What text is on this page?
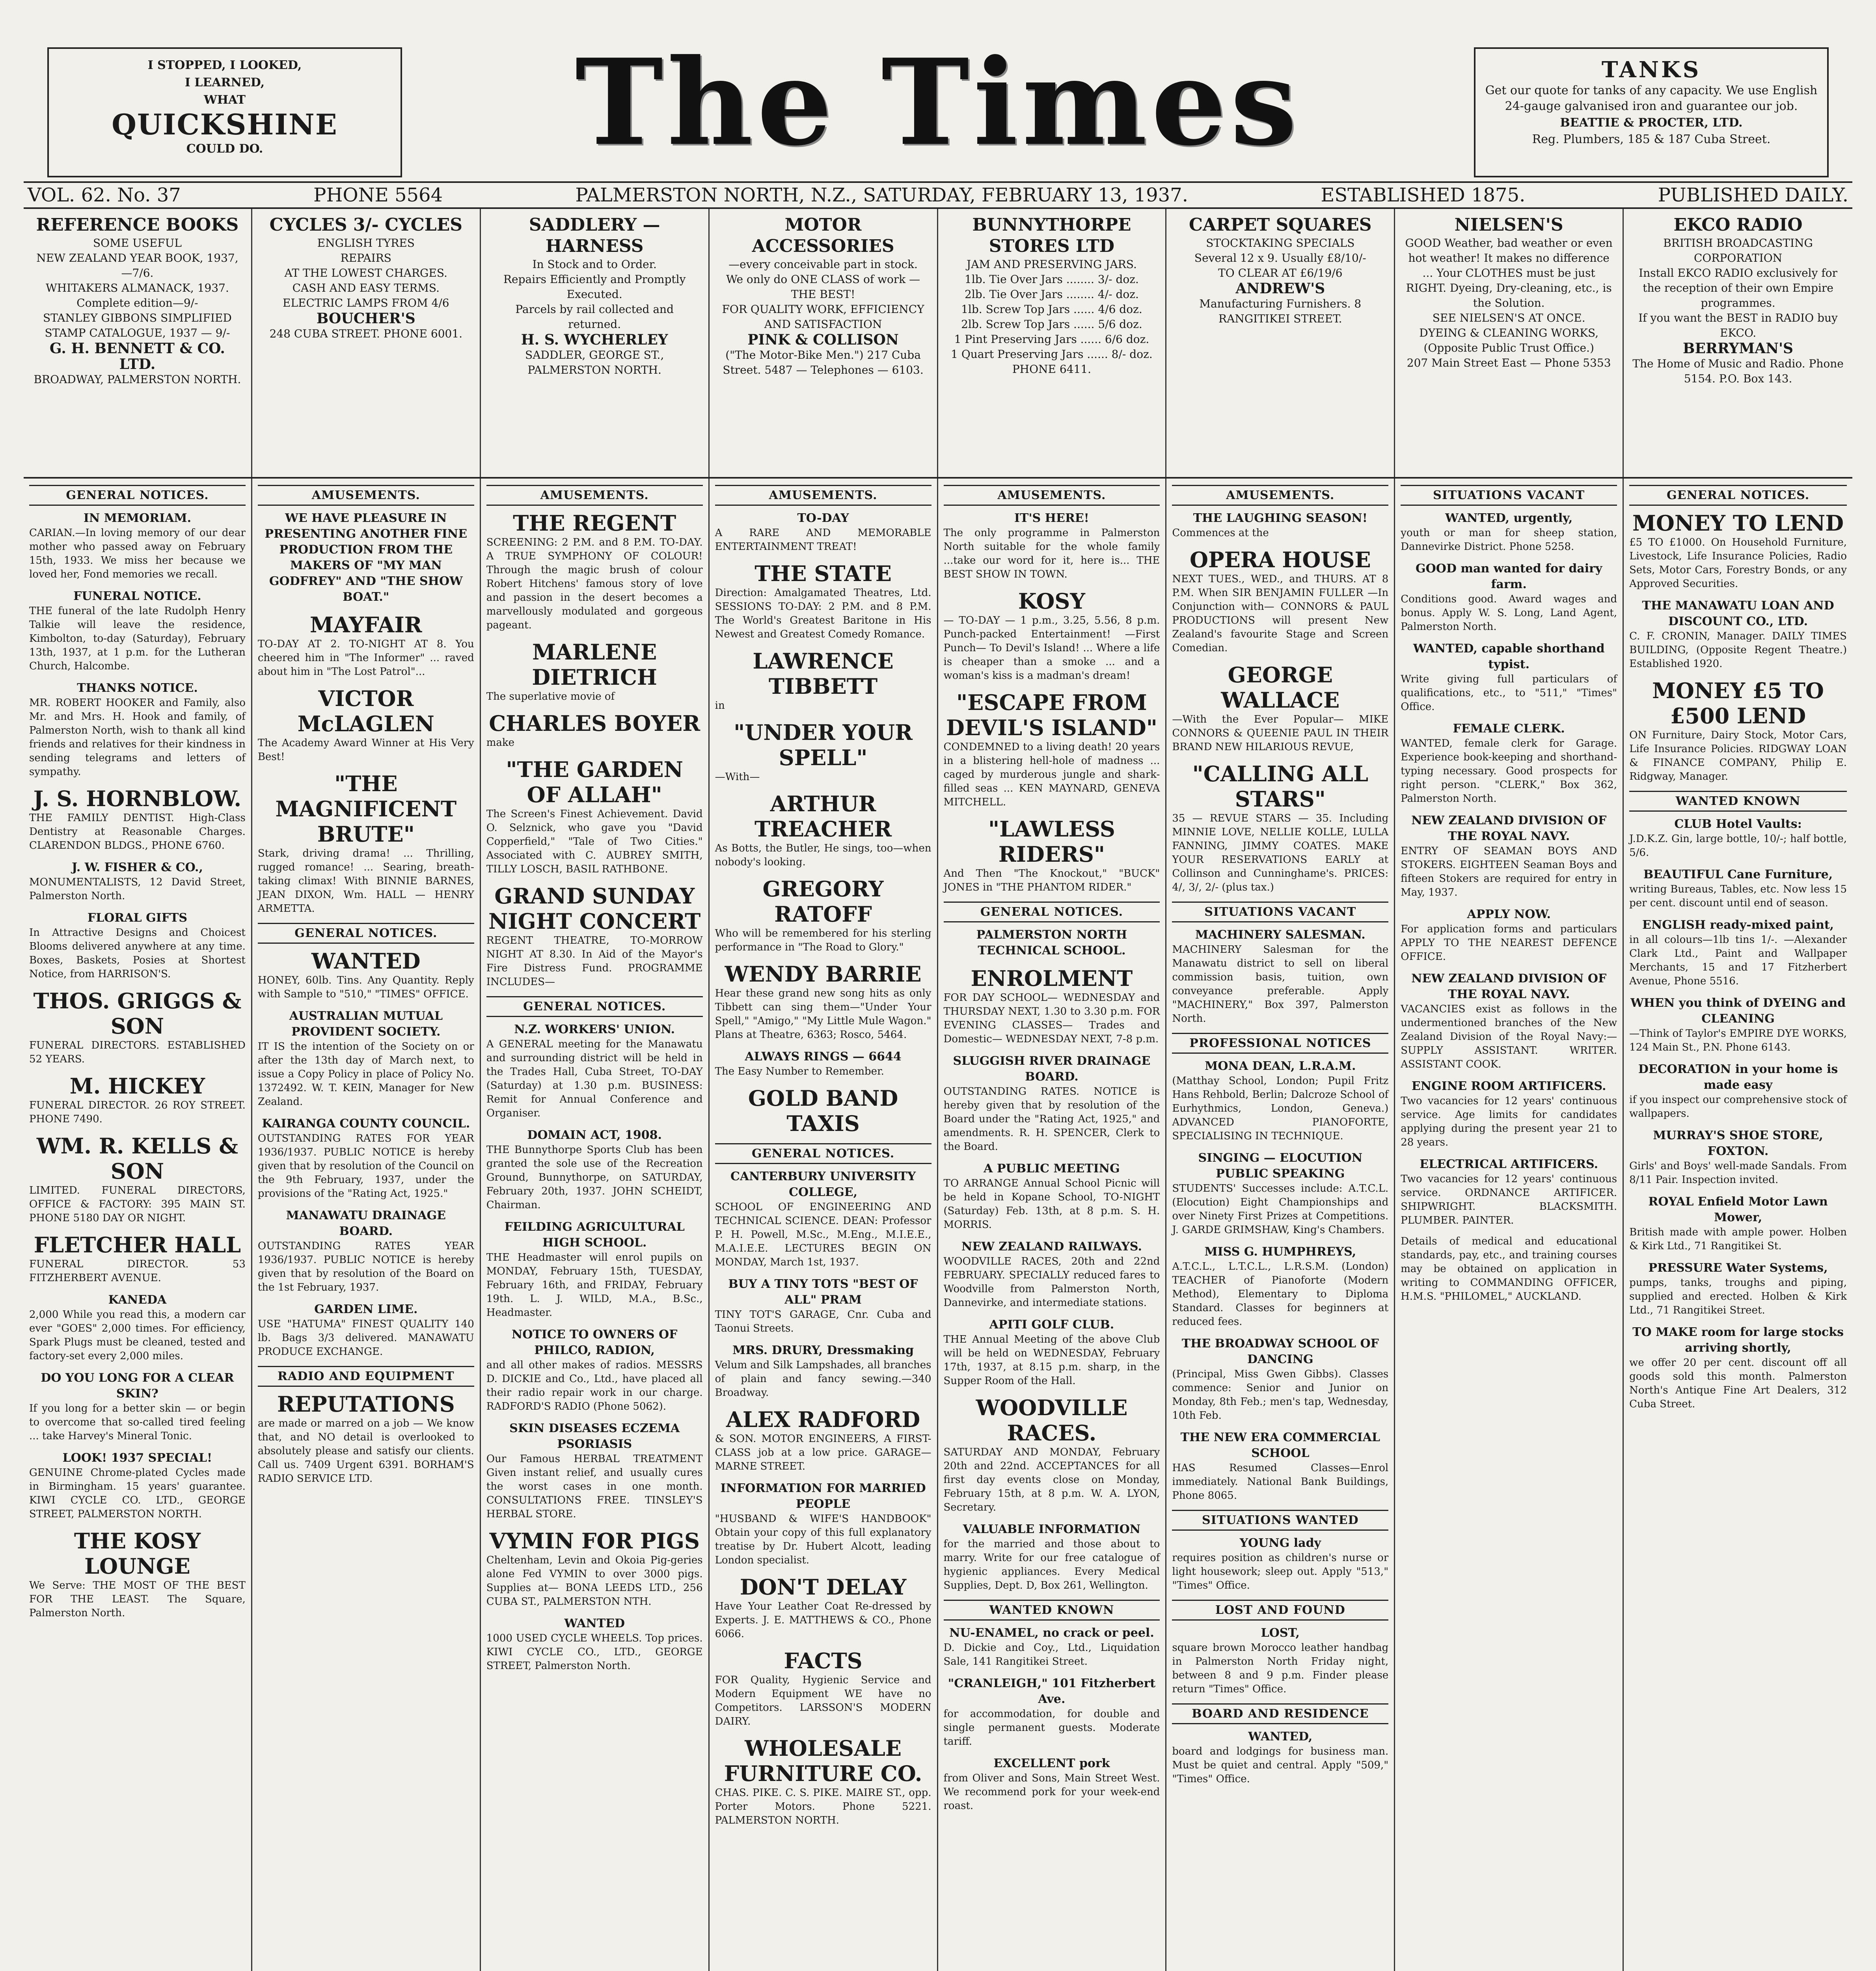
I STOPPED, I LOOKED,
I LEARNED,
WHAT
QUICKSHINE
COULD DO.	The Times	TANKS
Get our quote for tanks of any capacity. We use English 24-gauge galvanised iron and guarantee our job.
BEATTIE & PROCTER, LTD.
Reg. Plumbers, 185 & 187 Cuba Street.
VOL. 62. No. 37	PHONE 5564	PALMERSTON NORTH, N.Z., SATURDAY, FEBRUARY 13, 1937.	ESTABLISHED 1875.	PUBLISHED DAILY.
REFERENCE BOOKS
SOME USEFUL
NEW ZEALAND YEAR BOOK, 1937, —7/6.
WHITAKERS ALMANACK, 1937. Complete edition—9/-
STANLEY GIBBONS SIMPLIFIED STAMP CATALOGUE, 1937 — 9/-
G. H. BENNETT & CO. LTD.
BROADWAY, PALMERSTON NORTH.
CYCLES 3/- CYCLES
ENGLISH TYRES
REPAIRS
AT THE LOWEST CHARGES.
CASH AND EASY TERMS.
ELECTRIC LAMPS FROM 4/6
BOUCHER'S
248 CUBA STREET. PHONE 6001.
SADDLERY — HARNESS
In Stock and to Order.
Repairs Efficiently and Promptly Executed.
Parcels by rail collected and returned.
H. S. WYCHERLEY
SADDLER, GEORGE ST., PALMERSTON NORTH.
MOTOR ACCESSORIES
—every conceivable part in stock.
We only do ONE CLASS of work — THE BEST!
FOR QUALITY WORK, EFFICIENCY AND SATISFACTION
PINK & COLLISON
("The Motor-Bike Men.") 217 Cuba Street. 5487 — Telephones — 6103.
BUNNYTHORPE STORES LTD
JAM AND PRESERVING JARS.
1lb. Tie Over Jars ........ 3/- doz.
2lb. Tie Over Jars ........ 4/- doz.
1lb. Screw Top Jars ...... 4/6 doz.
2lb. Screw Top Jars ...... 5/6 doz.
1 Pint Preserving Jars ...... 6/6 doz.
1 Quart Preserving Jars ...... 8/- doz.
PHONE 6411.
CARPET SQUARES
STOCKTAKING SPECIALS
Several 12 x 9. Usually £8/10/-
TO CLEAR AT £6/19/6
ANDREW'S
Manufacturing Furnishers. 8 RANGITIKEI STREET.
NIELSEN'S
GOOD Weather, bad weather or even hot weather! It makes no difference ... Your CLOTHES must be just RIGHT. Dyeing, Dry-cleaning, etc., is the Solution.
SEE NIELSEN'S AT ONCE.
DYEING & CLEANING WORKS,
(Opposite Public Trust Office.)
207 Main Street East — Phone 5353
EKCO RADIO
BRITISH BROADCASTING CORPORATION
Install EKCO RADIO exclusively for the reception of their own Empire programmes.
If you want the BEST in RADIO buy EKCO.
BERRYMAN'S
The Home of Music and Radio. Phone 5154. P.O. Box 143.
GENERAL NOTICES.
IN MEMORIAM.

CARIAN.—In loving memory of our dear mother who passed away on February 15th, 1933. We miss her because we loved her, Fond memories we recall.

FUNERAL NOTICE.

THE funeral of the late Rudolph Henry Talkie will leave the residence, Kimbolton, to-day (Saturday), February 13th, 1937, at 1 p.m. for the Lutheran Church, Halcombe.

THANKS NOTICE.

MR. ROBERT HOOKER and Family, also Mr. and Mrs. H. Hook and family, of Palmerston North, wish to thank all kind friends and relatives for their kindness in sending telegrams and letters of sympathy.

J. S. HORNBLOW.

THE FAMILY DENTIST. High-Class Dentistry at Reasonable Charges. CLARENDON BLDGS., PHONE 6760.

J. W. FISHER & CO.,

MONUMENTALISTS, 12 David Street, Palmerston North.

FLORAL GIFTS

In Attractive Designs and Choicest Blooms delivered anywhere at any time. Boxes, Baskets, Posies at Shortest Notice, from HARRISON'S.

THOS. GRIGGS & SON

FUNERAL DIRECTORS. ESTABLISHED 52 YEARS.

M. HICKEY

FUNERAL DIRECTOR. 26 ROY STREET. PHONE 7490.

WM. R. KELLS & SON

LIMITED. FUNERAL DIRECTORS, OFFICE & FACTORY: 395 MAIN ST. PHONE 5180 DAY OR NIGHT.

FLETCHER HALL

FUNERAL DIRECTOR. 53 FITZHERBERT AVENUE.

KANEDA

2,000 While you read this, a modern car ever "GOES" 2,000 times. For efficiency, Spark Plugs must be cleaned, tested and factory-set every 2,000 miles.

DO YOU LONG FOR A CLEAR SKIN?

If you long for a better skin — or begin to overcome that so-called tired feeling ... take Harvey's Mineral Tonic.

LOOK! 1937 SPECIAL!

GENUINE Chrome-plated Cycles made in Birmingham. 15 years' guarantee. KIWI CYCLE CO. LTD., GEORGE STREET, PALMERSTON NORTH.

THE KOSY LOUNGE

We Serve: THE MOST OF THE BEST FOR THE LEAST. The Square, Palmerston North.

AMUSEMENTS.
WE HAVE PLEASURE IN PRESENTING ANOTHER FINE PRODUCTION FROM THE MAKERS OF "MY MAN GODFREY" AND "THE SHOW BOAT."
MAYFAIR

TO-DAY AT 2. TO-NIGHT AT 8. You cheered him in "The Informer" ... raved about him in "The Lost Patrol"...

VICTOR McLAGLEN

The Academy Award Winner at His Very Best!

"THE MAGNIFICENT BRUTE"

Stark, driving drama! ... Thrilling, rugged romance! ... Searing, breath-taking climax! With BINNIE BARNES, JEAN DIXON, Wm. HALL — HENRY ARMETTA.

GENERAL NOTICES.
WANTED

HONEY, 60lb. Tins. Any Quantity. Reply with Sample to "510," "TIMES" OFFICE.

AUSTRALIAN MUTUAL PROVIDENT SOCIETY.

IT IS the intention of the Society on or after the 13th day of March next, to issue a Copy Policy in place of Policy No. 1372492. W. T. KEIN, Manager for New Zealand.

KAIRANGA COUNTY COUNCIL.

OUTSTANDING RATES FOR YEAR 1936/1937. PUBLIC NOTICE is hereby given that by resolution of the Council on the 9th February, 1937, under the provisions of the "Rating Act, 1925."

MANAWATU DRAINAGE BOARD.

OUTSTANDING RATES YEAR 1936/1937. PUBLIC NOTICE is hereby given that by resolution of the Board on the 1st February, 1937.

GARDEN LIME.

USE "HATUMA" FINEST QUALITY 140 lb. Bags 3/3 delivered. MANAWATU PRODUCE EXCHANGE.

RADIO AND EQUIPMENT
REPUTATIONS

are made or marred on a job — We know that, and NO detail is overlooked to absolutely please and satisfy our clients. Call us. 7409 Urgent 6391. BORHAM'S RADIO SERVICE LTD.

AMUSEMENTS.
THE REGENT

SCREENING: 2 P.M. and 8 P.M. TO-DAY. A TRUE SYMPHONY OF COLOUR! Through the magic brush of colour Robert Hitchens' famous story of love and passion in the desert becomes a marvellously modulated and gorgeous pageant.

MARLENE DIETRICH

The superlative movie of

CHARLES BOYER

make

"THE GARDEN OF ALLAH"

The Screen's Finest Achievement. David O. Selznick, who gave you "David Copperfield," "Tale of Two Cities." Associated with C. AUBREY SMITH, TILLY LOSCH, BASIL RATHBONE.

GRAND SUNDAY NIGHT CONCERT

REGENT THEATRE, TO-MORROW NIGHT AT 8.30. In Aid of the Mayor's Fire Distress Fund. PROGRAMME INCLUDES—

GENERAL NOTICES.
N.Z. WORKERS' UNION.

A GENERAL meeting for the Manawatu and surrounding district will be held in the Trades Hall, Cuba Street, TO-DAY (Saturday) at 1.30 p.m. BUSINESS: Remit for Annual Conference and Organiser.

DOMAIN ACT, 1908.

THE Bunnythorpe Sports Club has been granted the sole use of the Recreation Ground, Bunnythorpe, on SATURDAY, February 20th, 1937. JOHN SCHEIDT, Chairman.

FEILDING AGRICULTURAL HIGH SCHOOL.

THE Headmaster will enrol pupils on MONDAY, February 15th, TUESDAY, February 16th, and FRIDAY, February 19th. L. J. WILD, M.A., B.Sc., Headmaster.

NOTICE TO OWNERS OF PHILCO, RADION,

and all other makes of radios. MESSRS D. DICKIE and Co., Ltd., have placed all their radio repair work in our charge. RADFORD'S RADIO (Phone 5062).

SKIN DISEASES ECZEMA PSORIASIS

Our Famous HERBAL TREATMENT Given instant relief, and usually cures the worst cases in one month. CONSULTATIONS FREE. TINSLEY'S HERBAL STORE.

VYMIN FOR PIGS

Cheltenham, Levin and Okoia Pig-geries alone Fed VYMIN to over 3000 pigs. Supplies at— BONA LEEDS LTD., 256 CUBA ST., PALMERSTON NTH.

WANTED

1000 USED CYCLE WHEELS. Top prices. KIWI CYCLE CO., LTD., GEORGE STREET, Palmerston North.

AMUSEMENTS.
TO-DAY

A RARE AND MEMORABLE ENTERTAINMENT TREAT!

THE STATE

Direction: Amalgamated Theatres, Ltd. SESSIONS TO-DAY: 2 P.M. and 8 P.M. The World's Greatest Baritone in His Newest and Greatest Comedy Romance.

LAWRENCE TIBBETT

in

"UNDER YOUR SPELL"

—With—

ARTHUR TREACHER

As Botts, the Butler, He sings, too—when nobody's looking.

GREGORY RATOFF

Who will be remembered for his sterling performance in "The Road to Glory."

WENDY BARRIE

Hear these grand new song hits as only Tibbett can sing them—"Under Your Spell," "Amigo," "My Little Mule Wagon." Plans at Theatre, 6363; Rosco, 5464.

ALWAYS RINGS — 6644

The Easy Number to Remember.

GOLD BAND TAXIS
GENERAL NOTICES.
CANTERBURY UNIVERSITY COLLEGE,

SCHOOL OF ENGINEERING AND TECHNICAL SCIENCE. DEAN: Professor P. H. Powell, M.Sc., M.Eng., M.I.E.E., M.A.I.E.E. LECTURES BEGIN ON MONDAY, March 1st, 1937.

BUY A TINY TOTS "BEST OF ALL" PRAM

TINY TOT'S GARAGE, Cnr. Cuba and Taonui Streets.

MRS. DRURY, Dressmaking

Velum and Silk Lampshades, all branches of plain and fancy sewing.—340 Broadway.

ALEX RADFORD

& SON. MOTOR ENGINEERS, A FIRST-CLASS job at a low price. GARAGE—MARNE STREET.

INFORMATION FOR MARRIED PEOPLE

"HUSBAND & WIFE'S HANDBOOK" Obtain your copy of this full explanatory treatise by Dr. Hubert Alcott, leading London specialist.

DON'T DELAY

Have Your Leather Coat Re-dressed by Experts. J. E. MATTHEWS & CO., Phone 6066.

FACTS

FOR Quality, Hygienic Service and Modern Equipment WE have no Competitors. LARSSON'S MODERN DAIRY.

WHOLESALE FURNITURE CO.

CHAS. PIKE. C. S. PIKE. MAIRE ST., opp. Porter Motors. Phone 5221. PALMERSTON NORTH.

AMUSEMENTS.
IT'S HERE!

The only programme in Palmerston North suitable for the whole family ...take our word for it, here is... THE BEST SHOW IN TOWN.

KOSY

— TO-DAY — 1 p.m., 3.25, 5.56, 8 p.m. Punch-packed Entertainment! —First Punch— To Devil's Island! ... Where a life is cheaper than a smoke ... and a woman's kiss is a madman's dream!

"ESCAPE FROM DEVIL'S ISLAND"

CONDEMNED to a living death! 20 years in a blistering hell-hole of madness ... caged by murderous jungle and shark-filled seas ... KEN MAYNARD, GENEVA MITCHELL.

"LAWLESS RIDERS"

And Then "The Knockout," "BUCK" JONES in "THE PHANTOM RIDER."

GENERAL NOTICES.
PALMERSTON NORTH TECHNICAL SCHOOL.
ENROLMENT

FOR DAY SCHOOL— WEDNESDAY and THURSDAY NEXT, 1.30 to 3.30 p.m. FOR EVENING CLASSES— Trades and Domestic— WEDNESDAY NEXT, 7-8 p.m.

SLUGGISH RIVER DRAINAGE BOARD.

OUTSTANDING RATES. NOTICE is hereby given that by resolution of the Board under the "Rating Act, 1925," and amendments. R. H. SPENCER, Clerk to the Board.

A PUBLIC MEETING

TO ARRANGE Annual School Picnic will be held in Kopane School, TO-NIGHT (Saturday) Feb. 13th, at 8 p.m. S. H. MORRIS.

NEW ZEALAND RAILWAYS.

WOODVILLE RACES, 20th and 22nd FEBRUARY. SPECIALLY reduced fares to Woodville from Palmerston North, Dannevirke, and intermediate stations.

APITI GOLF CLUB.

THE Annual Meeting of the above Club will be held on WEDNESDAY, February 17th, 1937, at 8.15 p.m. sharp, in the Supper Room of the Hall.

WOODVILLE RACES.

SATURDAY AND MONDAY, February 20th and 22nd. ACCEPTANCES for all first day events close on Monday, February 15th, at 8 p.m. W. A. LYON, Secretary.

VALUABLE INFORMATION

for the married and those about to marry. Write for our free catalogue of hygienic appliances. Every Medical Supplies, Dept. D, Box 261, Wellington.

WANTED KNOWN
NU-ENAMEL, no crack or peel.

D. Dickie and Coy., Ltd., Liquidation Sale, 141 Rangitikei Street.

"CRANLEIGH," 101 Fitzherbert Ave.

for accommodation, for double and single permanent guests. Moderate tariff.

EXCELLENT pork

from Oliver and Sons, Main Street West. We recommend pork for your week-end roast.

AMUSEMENTS.
THE LAUGHING SEASON!

Commences at the

OPERA HOUSE

NEXT TUES., WED., and THURS. AT 8 P.M. When SIR BENJAMIN FULLER —In Conjunction with— CONNORS & PAUL PRODUCTIONS will present New Zealand's favourite Stage and Screen Comedian.

GEORGE WALLACE

—With the Ever Popular— MIKE CONNORS & QUEENIE PAUL IN THEIR BRAND NEW HILARIOUS REVUE,

"CALLING ALL STARS"

35 — REVUE STARS — 35. Including MINNIE LOVE, NELLIE KOLLE, LULLA FANNING, JIMMY COATES. MAKE YOUR RESERVATIONS EARLY at Collinson and Cunninghame's. PRICES: 4/, 3/, 2/- (plus tax.)

SITUATIONS VACANT
MACHINERY SALESMAN.

MACHINERY Salesman for the Manawatu district to sell on liberal commission basis, tuition, own conveyance preferable. Apply "MACHINERY," Box 397, Palmerston North.

PROFESSIONAL NOTICES
MONA DEAN, L.R.A.M.

(Matthay School, London; Pupil Fritz Hans Rehbold, Berlin; Dalcroze School of Eurhythmics, London, Geneva.) ADVANCED PIANOFORTE, SPECIALISING IN TECHNIQUE.

SINGING — ELOCUTION PUBLIC SPEAKING

STUDENTS' Successes include: A.T.C.L. (Elocution) Eight Championships and over Ninety First Prizes at Competitions. J. GARDE GRIMSHAW, King's Chambers.

MISS G. HUMPHREYS,

A.T.C.L., L.T.C.L., L.R.S.M. (London) TEACHER of Pianoforte (Modern Method), Elementary to Diploma Standard. Classes for beginners at reduced fees.

THE BROADWAY SCHOOL OF DANCING

(Principal, Miss Gwen Gibbs). Classes commence: Senior and Junior on Monday, 8th Feb.; men's tap, Wednesday, 10th Feb.

THE NEW ERA COMMERCIAL SCHOOL

HAS Resumed Classes—Enrol immediately. National Bank Buildings, Phone 8065.

SITUATIONS WANTED
YOUNG lady

requires position as children's nurse or light housework; sleep out. Apply "513," "Times" Office.

LOST AND FOUND
LOST,

square brown Morocco leather handbag in Palmerston North Friday night, between 8 and 9 p.m. Finder please return "Times" Office.

BOARD AND RESIDENCE
WANTED,

board and lodgings for business man. Must be quiet and central. Apply "509," "Times" Office.

SITUATIONS VACANT
WANTED, urgently,

youth or man for sheep station, Dannevirke District. Phone 5258.

GOOD man wanted for dairy farm.

Conditions good. Award wages and bonus. Apply W. S. Long, Land Agent, Palmerston North.

WANTED, capable shorthand typist.

Write giving full particulars of qualifications, etc., to "511," "Times" Office.

FEMALE CLERK.

WANTED, female clerk for Garage. Experience book-keeping and shorthand-typing necessary. Good prospects for right person. "CLERK," Box 362, Palmerston North.

NEW ZEALAND DIVISION OF THE ROYAL NAVY.

ENTRY OF SEAMAN BOYS AND STOKERS. EIGHTEEN Seaman Boys and fifteen Stokers are required for entry in May, 1937.

APPLY NOW.

For application forms and particulars APPLY TO THE NEAREST DEFENCE OFFICE.

NEW ZEALAND DIVISION OF THE ROYAL NAVY.

VACANCIES exist as follows in the undermentioned branches of the New Zealand Division of the Royal Navy:— SUPPLY ASSISTANT. WRITER. ASSISTANT COOK.

ENGINE ROOM ARTIFICERS.

Two vacancies for 12 years' continuous service. Age limits for candidates applying during the present year 21 to 28 years.

ELECTRICAL ARTIFICERS.

Two vacancies for 12 years' continuous service. ORDNANCE ARTIFICER. SHIPWRIGHT. BLACKSMITH. PLUMBER. PAINTER.

Details of medical and educational standards, pay, etc., and training courses may be obtained on application in writing to COMMANDING OFFICER, H.M.S. "PHILOMEL," AUCKLAND.

GENERAL NOTICES.
MONEY TO LEND

£5 TO £1000. On Household Furniture, Livestock, Life Insurance Policies, Radio Sets, Motor Cars, Forestry Bonds, or any Approved Securities.

THE MANAWATU LOAN AND DISCOUNT CO., LTD.

C. F. CRONIN, Manager. DAILY TIMES BUILDING, (Opposite Regent Theatre.) Established 1920.

MONEY £5 TO £500 LEND

ON Furniture, Dairy Stock, Motor Cars, Life Insurance Policies. RIDGWAY LOAN & FINANCE COMPANY, Philip E. Ridgway, Manager.

WANTED KNOWN
CLUB Hotel Vaults:

J.D.K.Z. Gin, large bottle, 10/-; half bottle, 5/6.

BEAUTIFUL Cane Furniture,

writing Bureaus, Tables, etc. Now less 15 per cent. discount until end of season.

ENGLISH ready-mixed paint,

in all colours—1lb tins 1/-. —Alexander Clark Ltd., Paint and Wallpaper Merchants, 15 and 17 Fitzherbert Avenue, Phone 5516.

WHEN you think of DYEING and CLEANING

—Think of Taylor's EMPIRE DYE WORKS, 124 Main St., P.N. Phone 6143.

DECORATION in your home is made easy

if you inspect our comprehensive stock of wallpapers.

MURRAY'S SHOE STORE, FOXTON.

Girls' and Boys' well-made Sandals. From 8/11 Pair. Inspection invited.

ROYAL Enfield Motor Lawn Mower,

British made with ample power. Holben & Kirk Ltd., 71 Rangitikei St.

PRESSURE Water Systems,

pumps, tanks, troughs and piping, supplied and erected. Holben & Kirk Ltd., 71 Rangitikei Street.

TO MAKE room for large stocks arriving shortly,

we offer 20 per cent. discount off all goods sold this month. Palmerston North's Antique Fine Art Dealers, 312 Cuba Street.
